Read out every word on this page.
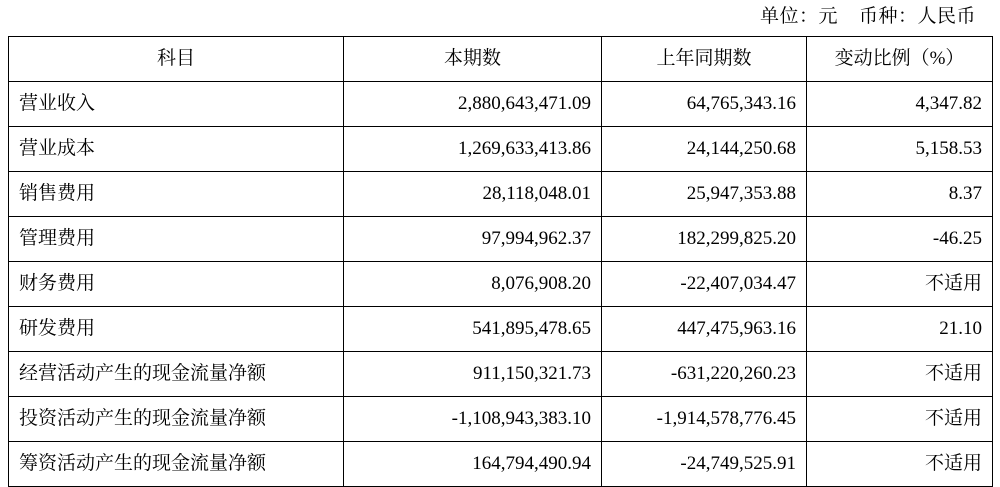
单位：元    币种：人民币
科目	本期数	上年同期数	变动比例（%）
营业收入	2,880,643,471.09	64,765,343.16	4,347.82
营业成本	1,269,633,413.86	24,144,250.68	5,158.53
销售费用	28,118,048.01	25,947,353.88	8.37
管理费用	97,994,962.37	182,299,825.20	-46.25
财务费用	8,076,908.20	-22,407,034.47	不适用
研发费用	541,895,478.65	447,475,963.16	21.10
经营活动产生的现金流量净额	911,150,321.73	-631,220,260.23	不适用
投资活动产生的现金流量净额	-1,108,943,383.10	-1,914,578,776.45	不适用
筹资活动产生的现金流量净额	164,794,490.94	-24,749,525.91	不适用
